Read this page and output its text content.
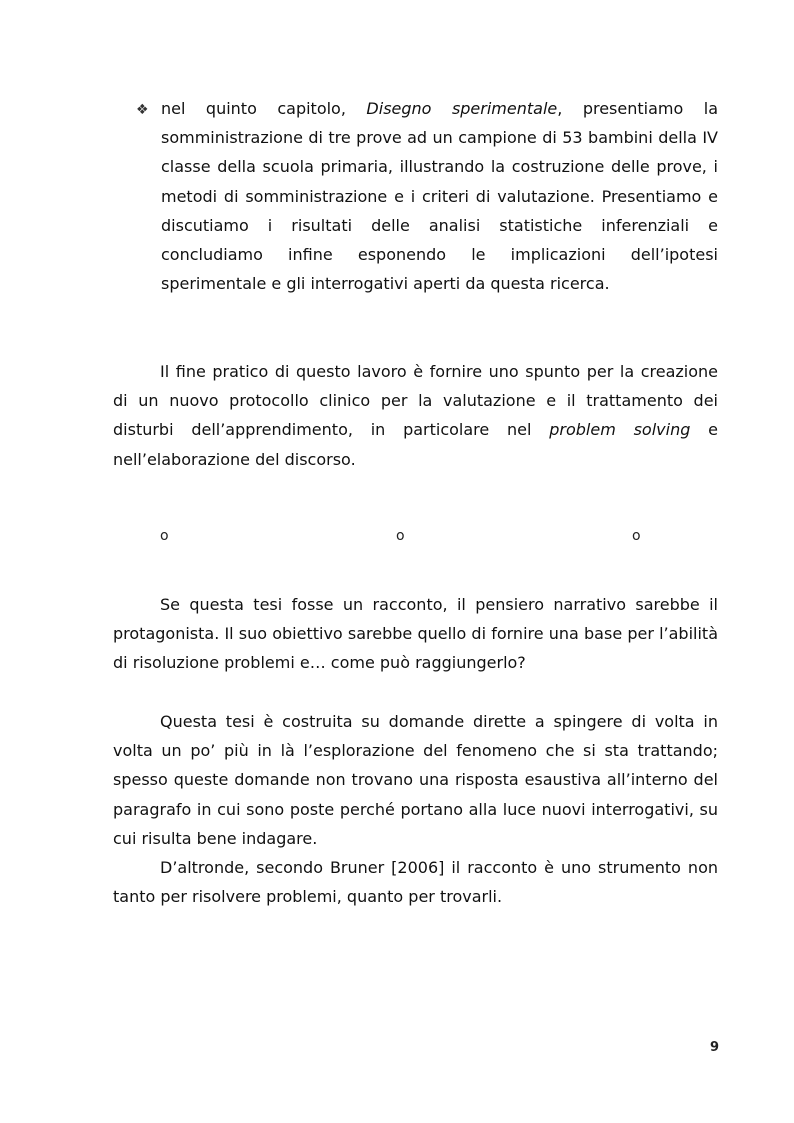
❖ nel quinto capitolo, Disegno sperimentale, presentiamo la somministrazione di tre prove ad un campione di 53 bambini della IV classe della scuola primaria, illustrando la costruzione delle prove, i metodi di somministrazione e i criteri di valutazione. Presentiamo e discutiamo i risultati delle analisi statistiche inferenziali e concludiamo infine esponendo le implicazioni dell’ipotesi sperimentale e gli interrogativi aperti da questa ricerca.

Il fine pratico di questo lavoro è fornire uno spunto per la creazione di un nuovo protocollo clinico per la valutazione e il trattamento dei disturbi dell’apprendimento, in particolare nel problem solving e nell’elaborazione del discorso.

o	o	o

Se questa tesi fosse un racconto, il pensiero narrativo sarebbe il protagonista. Il suo obiettivo sarebbe quello di fornire una base per l’abilità di risoluzione problemi e… come può raggiungerlo?

Questa tesi è costruita su domande dirette a spingere di volta in volta un po’ più in là l’esplorazione del fenomeno che si sta trattando; spesso queste domande non trovano una risposta esaustiva all’interno del paragrafo in cui sono poste perché portano alla luce nuovi interrogativi, su cui risulta bene indagare.

D’altronde, secondo Bruner [2006] il racconto è uno strumento non tanto per risolvere problemi, quanto per trovarli.

9
